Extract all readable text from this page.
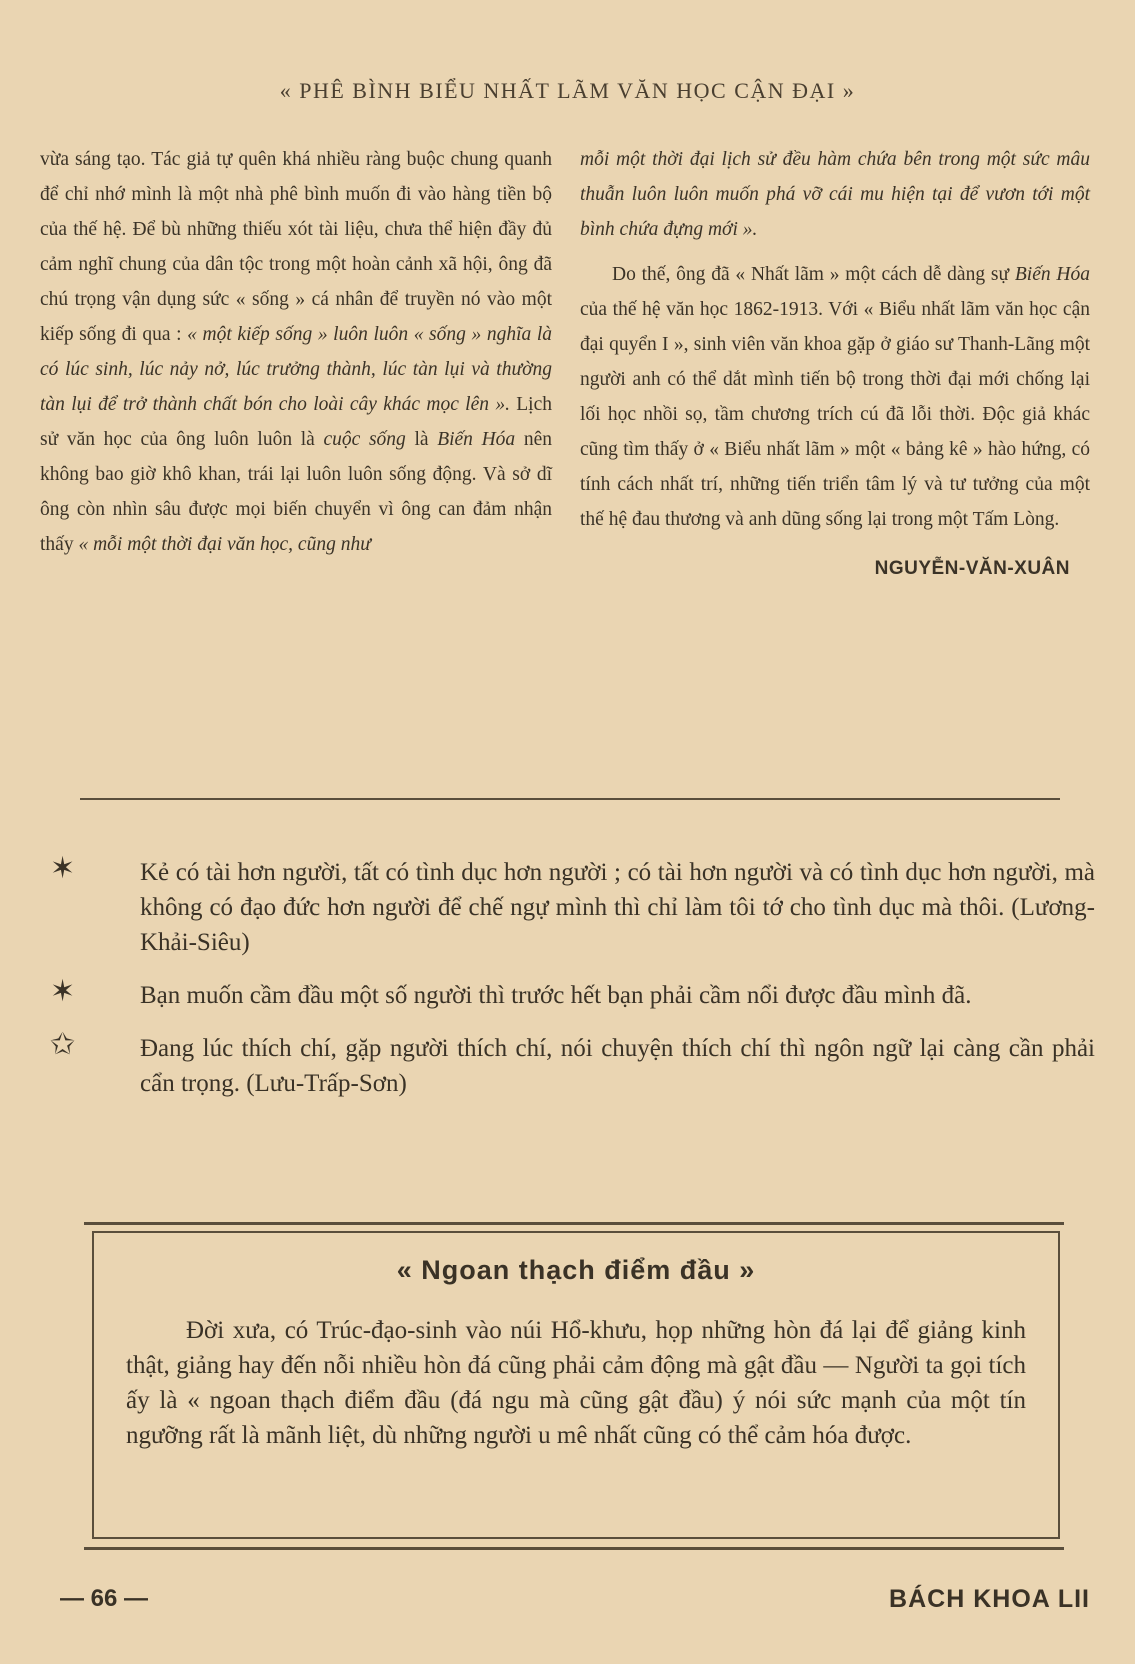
« PHÊ BÌNH BIỂU NHẤT LÃM VĂN HỌC CẬN ĐẠI »

vừa sáng tạo. Tác giả tự quên khá nhiều ràng buộc chung quanh để chỉ nhớ mình là một nhà phê bình muốn đi vào hàng tiền bộ của thế hệ. Để bù những thiếu xót tài liệu, chưa thể hiện đầy đủ cảm nghĩ chung của dân tộc trong một hoàn cảnh xã hội, ông đã chú trọng vận dụng sức « sống » cá nhân để truyền nó vào một kiếp sống đi qua : « một kiếp sống » luôn luôn « sống » nghĩa là có lúc sinh, lúc nảy nở, lúc trưởng thành, lúc tàn lụi và thường tàn lụi để trở thành chất bón cho loài cây khác mọc lên ». Lịch sử văn học của ông luôn luôn là cuộc sống là Biến Hóa nên không bao giờ khô khan, trái lại luôn luôn sống động. Và sở dĩ ông còn nhìn sâu được mọi biến chuyển vì ông can đảm nhận thấy « mỗi một thời đại văn học, cũng như

mỗi một thời đại lịch sử đều hàm chứa bên trong một sức mâu thuẫn luôn luôn muốn phá vỡ cái mu hiện tại để vươn tới một bình chứa đựng mới ».

Do thế, ông đã « Nhất lãm » một cách dễ dàng sự Biến Hóa của thế hệ văn học 1862-1913. Với « Biểu nhất lãm văn học cận đại quyển I », sinh viên văn khoa gặp ở giáo sư Thanh-Lãng một người anh có thể dắt mình tiến bộ trong thời đại mới chống lại lối học nhồi sọ, tầm chương trích cú đã lỗi thời. Độc giả khác cũng tìm thấy ở « Biểu nhất lãm » một « bảng kê » hào hứng, có tính cách nhất trí, những tiến triển tâm lý và tư tưởng của một thế hệ đau thương và anh dũng sống lại trong một Tấm Lòng.

NGUYỄN-VĂN-XUÂN
✶	Kẻ có tài hơn người, tất có tình dục hơn người ; có tài hơn người và có tình dục hơn người, mà không có đạo đức hơn người để chế ngự mình thì chỉ làm tôi tớ cho tình dục mà thôi. (Lương-Khải-Siêu)
✶	Bạn muốn cầm đầu một số người thì trước hết bạn phải cầm nổi được đầu mình đã.
✩	Đang lúc thích chí, gặp người thích chí, nói chuyện thích chí thì ngôn ngữ lại càng cần phải cẩn trọng. (Lưu-Trấp-Sơn)
« Ngoan thạch điểm đầu »
Đời xưa, có Trúc-đạo-sinh vào núi Hổ-khưu, họp những hòn đá lại để giảng kinh thật, giảng hay đến nỗi nhiều hòn đá cũng phải cảm động mà gật đầu — Người ta gọi tích ấy là « ngoan thạch điểm đầu (đá ngu mà cũng gật đầu) ý nói sức mạnh của một tín ngưỡng rất là mãnh liệt, dù những người u mê nhất cũng có thể cảm hóa được.
— 66 —	BÁCH KHOA LII
